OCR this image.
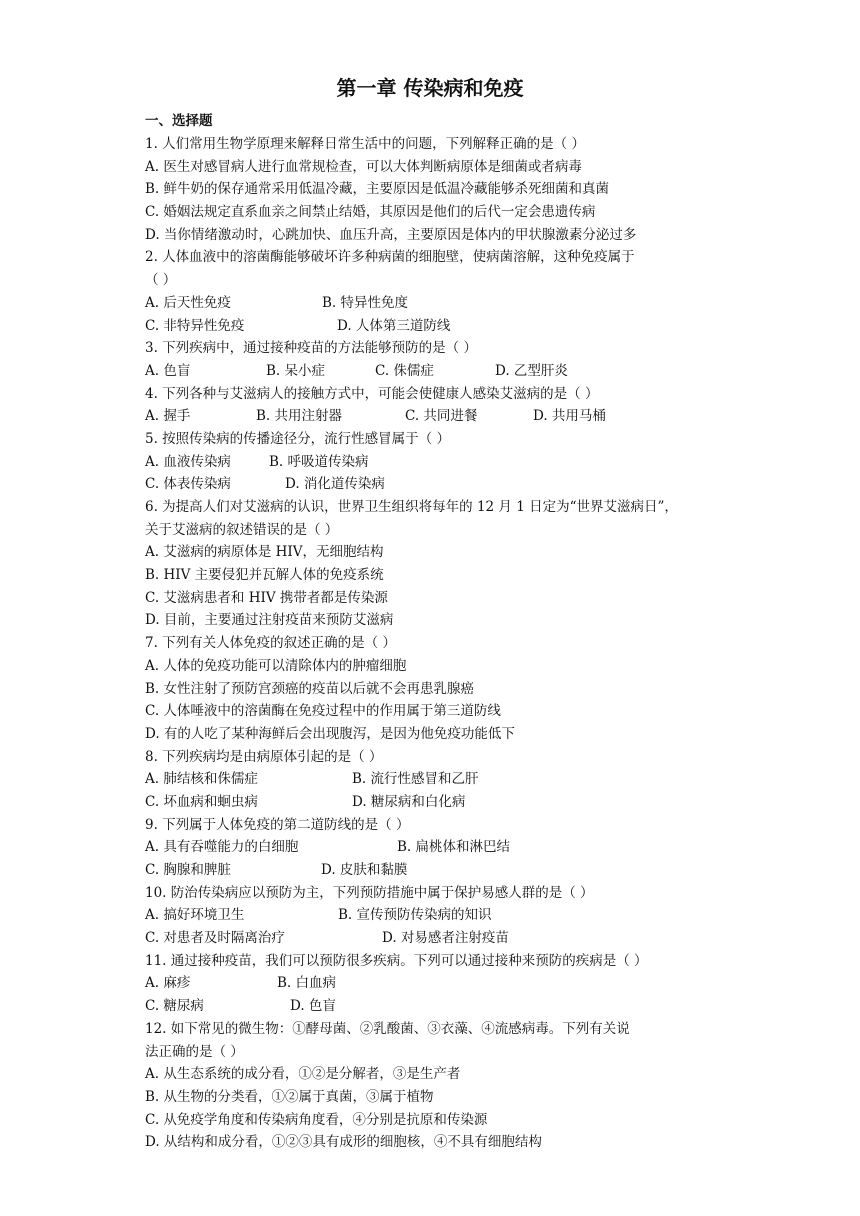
第一章 传染病和免疫
一、选择题
1. 人们常用生物学原理来解释日常生活中的问题，下列解释正确的是（ ）
A. 医生对感冒病人进行血常规检查，可以大体判断病原体是细菌或者病毒
B. 鲜牛奶的保存通常采用低温冷藏，主要原因是低温冷藏能够杀死细菌和真菌
C. 婚姻法规定直系血亲之间禁止结婚，其原因是他们的后代一定会患遗传病
D. 当你情绪激动时，心跳加快、血压升高，主要原因是体内的甲状腺激素分泌过多
2. 人体血液中的溶菌酶能够破坏许多种病菌的细胞壁，使病菌溶解，这种免疫属于
（ ）
A. 后天性免疫	B. 特异性免度
C. 非特异性免疫	D. 人体第三道防线
3. 下列疾病中，通过接种疫苗的方法能够预防的是（ ）
A. 色盲	B. 呆小症	C. 侏儒症	D. 乙型肝炎
4. 下列各种与艾滋病人的接触方式中，可能会使健康人感染艾滋病的是（ ）
A. 握手	B. 共用注射器	C. 共同进餐	D. 共用马桶
5. 按照传染病的传播途径分，流行性感冒属于（ ）
A. 血液传染病	B. 呼吸道传染病
C. 体表传染病	D. 消化道传染病
6. 为提高人们对艾滋病的认识，世界卫生组织将每年的 12 月 1 日定为“世界艾滋病日”，
关于艾滋病的叙述错误的是（ ）
A. 艾滋病的病原体是 HIV，无细胞结构
B. HIV 主要侵犯并瓦解人体的免疫系统
C. 艾滋病患者和 HIV 携带者都是传染源
D. 目前，主要通过注射疫苗来预防艾滋病
7. 下列有关人体免疫的叙述正确的是（ ）
A. 人体的免疫功能可以清除体内的肿瘤细胞
B. 女性注射了预防宫颈癌的疫苗以后就不会再患乳腺癌
C. 人体唾液中的溶菌酶在免疫过程中的作用属于第三道防线
D. 有的人吃了某种海鲜后会出现腹泻，是因为他免疫功能低下
8. 下列疾病均是由病原体引起的是（ ）
A. 肺结核和侏儒症	B. 流行性感冒和乙肝
C. 坏血病和蛔虫病	D. 糖尿病和白化病
9. 下列属于人体免疫的第二道防线的是（ ）
A. 具有吞噬能力的白细胞	B. 扁桃体和淋巴结
C. 胸腺和脾脏	D. 皮肤和黏膜
10. 防治传染病应以预防为主，下列预防措施中属于保护易感人群的是（ ）
A. 搞好环境卫生	B. 宣传预防传染病的知识
C. 对患者及时隔离治疗	D. 对易感者注射疫苗
11. 通过接种疫苗，我们可以预防很多疾病。下列可以通过接种来预防的疾病是（ ）
A. 麻疹	B. 白血病
C. 糖尿病	D. 色盲
12. 如下常见的微生物：①酵母菌、②乳酸菌、③衣藻、④流感病毒。下列有关说
法正确的是（ ）
A. 从生态系统的成分看，①②是分解者，③是生产者
B. 从生物的分类看，①②属于真菌，③属于植物
C. 从免疫学角度和传染病角度看，④分别是抗原和传染源
D. 从结构和成分看，①②③具有成形的细胞核，④不具有细胞结构
